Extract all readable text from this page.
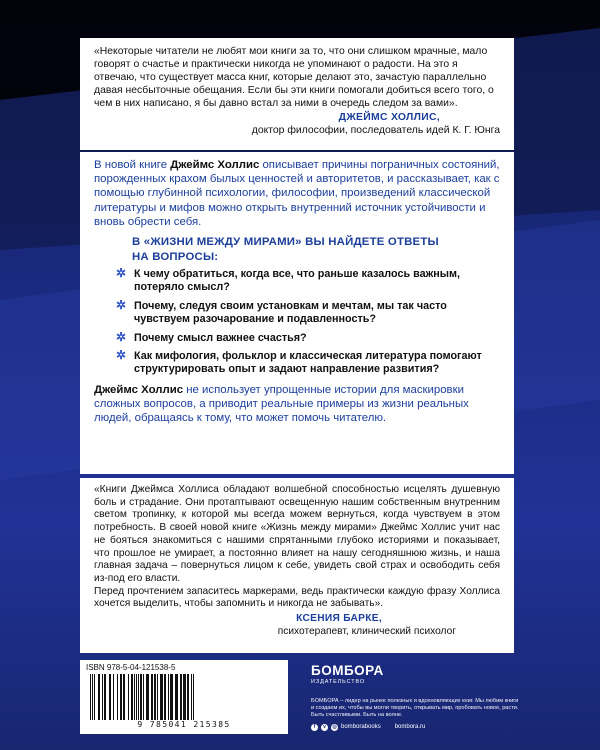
«Некоторые читатели не любят мои книги за то, что они слишком мрачные, мало говорят о счастье и практически никогда не упоминают о радости. На это я отвечаю, что существует масса книг, которые делают это, зачастую параллельно давая несбыточные обещания. Если бы эти книги помогали добиться всего того, о чем в них написано, я бы давно встал за ними в очередь следом за вами».
ДЖЕЙМС ХОЛЛИС,
доктор философии, последователь идей К. Г. Юнга
В новой книге Джеймс Холлис описывает причины пограничных состояний, порожденных крахом былых ценностей и авторитетов, и рассказывает, как с помощью глубинной психологии, философии, произведений классической литературы и мифов можно открыть внутренний источник устойчивости и вновь обрести себя.
В «ЖИЗНИ МЕЖДУ МИРАМИ» ВЫ НАЙДЕТЕ ОТВЕТЫ
НА ВОПРОСЫ:
✲ К чему обратиться, когда все, что раньше казалось важным, потеряло смысл?
✲ Почему, следуя своим установкам и мечтам, мы так часто чувствуем разочарование и подавленность?
✲ Почему смысл важнее счастья?
✲ Как мифология, фольклор и классическая литература помогают структурировать опыт и задают направление развития?
Джеймс Холлис не использует упрощенные истории для маскировки сложных вопросов, а приводит реальные примеры из жизни реальных людей, обращаясь к тому, что может помочь читателю.
«Книги Джеймса Холлиса обладают волшебной способностью исцелять душевную боль и страдание. Они протаптывают освещенную нашим собственным внутренним светом тропинку, к которой мы всегда можем вернуться, когда чувствуем в этом потребность. В своей новой книге «Жизнь между мирами» Джеймс Холлис учит нас не бояться знакомиться с нашими спрятанными глубоко историями и показывает, что прошлое не умирает, а постоянно влияет на нашу сегодняшнюю жизнь, и наша главная задача – повернуться лицом к себе, увидеть свой страх и освободить себя из-под его власти.
Перед прочтением запаситесь маркерами, ведь практически каждую фразу Холлиса хочется выделить, чтобы запомнить и никогда не забывать».
КСЕНИЯ БАРКЕ,
психотерапевт, клинический психолог
ISBN 978-5-04-121538-5
9 785041 215385
БОМБОРА
ИЗДАТЕЛЬСТВО
БОМБОРА – лидер на рынке полезных и вдохновляющих книг. Мы любим книги и создаем их, чтобы вы могли творить, открывать мир, пробовать новое, расти. Быть счастливыми. Быть на волне.
f	v	◎ bomborabooks bombora.ru
